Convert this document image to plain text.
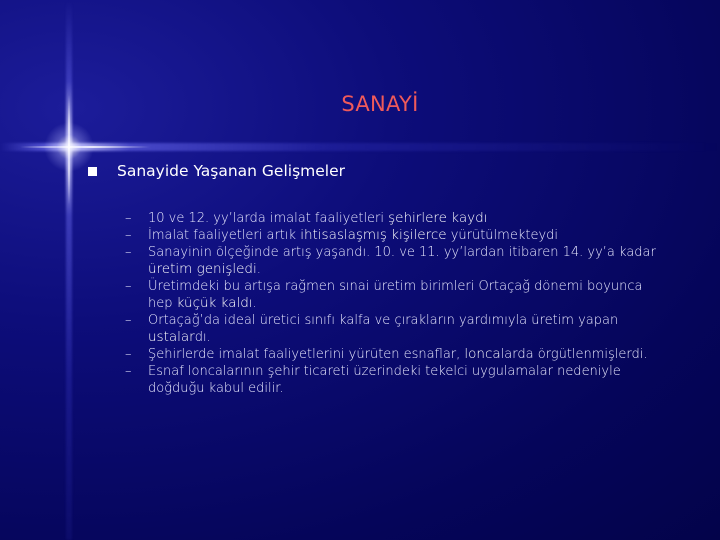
SANAYİ
Sanayide Yaşanan Gelişmeler
– 10 ve 12. yy’larda imalat faaliyetleri şehirlere kaydı
– İmalat faaliyetleri artık ihtisaslaşmış kişilerce yürütülmekteydi
– Sanayinin ölçeğinde artış yaşandı. 10. ve 11. yy’lardan itibaren 14. yy’a kadar üretim genişledi.
– Üretimdeki bu artışa rağmen sınai üretim birimleri Ortaçağ dönemi boyunca hep küçük kaldı.
– Ortaçağ’da ideal üretici sınıfı kalfa ve çırakların yardımıyla üretim yapan ustalardı.
– Şehirlerde imalat faaliyetlerini yürüten esnaflar, loncalarda örgütlenmişlerdi.
– Esnaf loncalarının şehir ticareti üzerindeki tekelci uygulamalar nedeniyle doğduğu kabul edilir.
